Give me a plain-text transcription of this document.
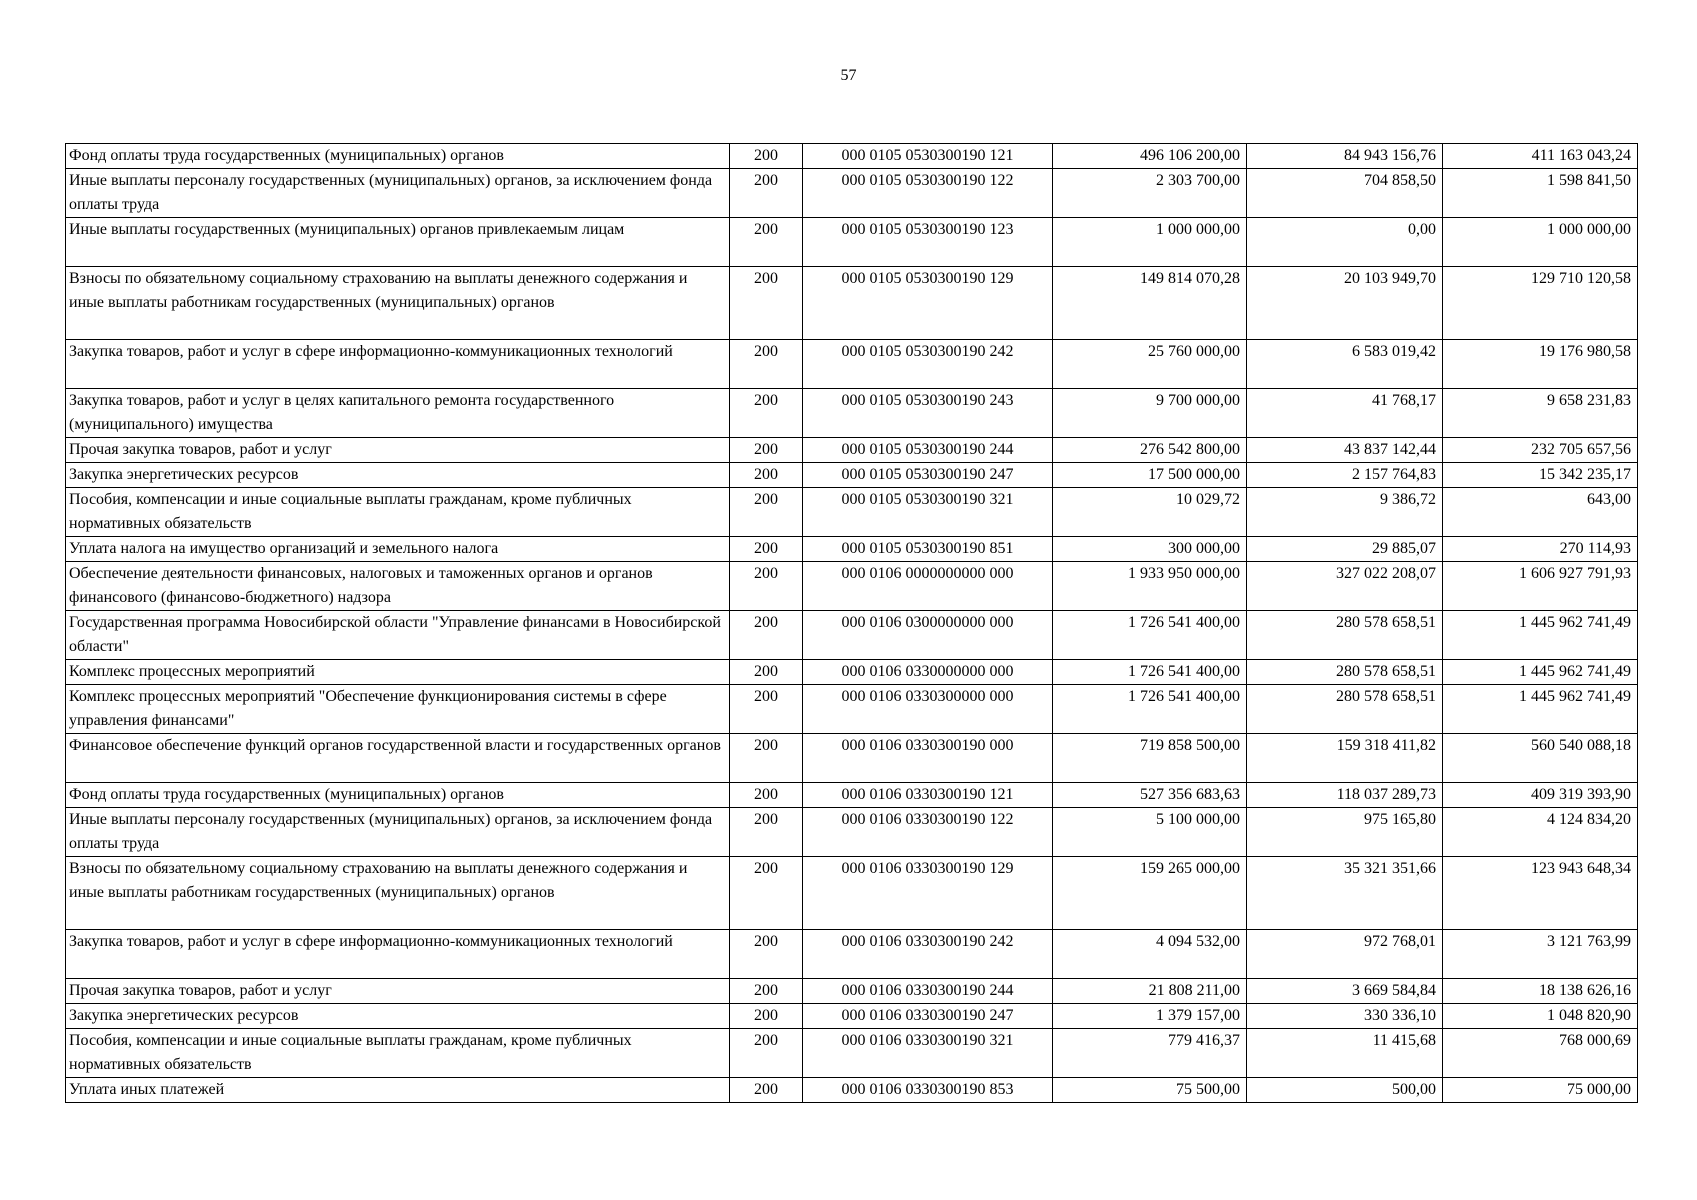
57
Фонд оплаты труда государственных (муниципальных) органов	200	000 0105 0530300190 121	496 106 200,00	84 943 156,76	411 163 043,24
Иные выплаты персоналу государственных (муниципальных) органов, за исключением фонда оплаты труда	200	000 0105 0530300190 122	2 303 700,00	704 858,50	1 598 841,50
Иные выплаты государственных (муниципальных) органов привлекаемым лицам	200	000 0105 0530300190 123	1 000 000,00	0,00	1 000 000,00
Взносы по обязательному социальному страхованию на выплаты денежного содержания и иные выплаты работникам государственных (муниципальных) органов	200	000 0105 0530300190 129	149 814 070,28	20 103 949,70	129 710 120,58
Закупка товаров, работ и услуг в сфере информационно-коммуникационных технологий	200	000 0105 0530300190 242	25 760 000,00	6 583 019,42	19 176 980,58
Закупка товаров, работ и услуг в целях капитального ремонта государственного (муниципального) имущества	200	000 0105 0530300190 243	9 700 000,00	41 768,17	9 658 231,83
Прочая закупка товаров, работ и услуг	200	000 0105 0530300190 244	276 542 800,00	43 837 142,44	232 705 657,56
Закупка энергетических ресурсов	200	000 0105 0530300190 247	17 500 000,00	2 157 764,83	15 342 235,17
Пособия, компенсации и иные социальные выплаты гражданам, кроме публичных нормативных обязательств	200	000 0105 0530300190 321	10 029,72	9 386,72	643,00
Уплата налога на имущество организаций и земельного налога	200	000 0105 0530300190 851	300 000,00	29 885,07	270 114,93
Обеспечение деятельности финансовых, налоговых и таможенных органов и органов финансового (финансово-бюджетного) надзора	200	000 0106 0000000000 000	1 933 950 000,00	327 022 208,07	1 606 927 791,93
Государственная программа Новосибирской области "Управление финансами в Новосибирской области"	200	000 0106 0300000000 000	1 726 541 400,00	280 578 658,51	1 445 962 741,49
Комплекс процессных мероприятий	200	000 0106 0330000000 000	1 726 541 400,00	280 578 658,51	1 445 962 741,49
Комплекс процессных мероприятий "Обеспечение функционирования системы в сфере управления финансами"	200	000 0106 0330300000 000	1 726 541 400,00	280 578 658,51	1 445 962 741,49
Финансовое обеспечение функций органов государственной власти и государственных органов	200	000 0106 0330300190 000	719 858 500,00	159 318 411,82	560 540 088,18
Фонд оплаты труда государственных (муниципальных) органов	200	000 0106 0330300190 121	527 356 683,63	118 037 289,73	409 319 393,90
Иные выплаты персоналу государственных (муниципальных) органов, за исключением фонда оплаты труда	200	000 0106 0330300190 122	5 100 000,00	975 165,80	4 124 834,20
Взносы по обязательному социальному страхованию на выплаты денежного содержания и иные выплаты работникам государственных (муниципальных) органов	200	000 0106 0330300190 129	159 265 000,00	35 321 351,66	123 943 648,34
Закупка товаров, работ и услуг в сфере информационно-коммуникационных технологий	200	000 0106 0330300190 242	4 094 532,00	972 768,01	3 121 763,99
Прочая закупка товаров, работ и услуг	200	000 0106 0330300190 244	21 808 211,00	3 669 584,84	18 138 626,16
Закупка энергетических ресурсов	200	000 0106 0330300190 247	1 379 157,00	330 336,10	1 048 820,90
Пособия, компенсации и иные социальные выплаты гражданам, кроме публичных нормативных обязательств	200	000 0106 0330300190 321	779 416,37	11 415,68	768 000,69
Уплата иных платежей	200	000 0106 0330300190 853	75 500,00	500,00	75 000,00
